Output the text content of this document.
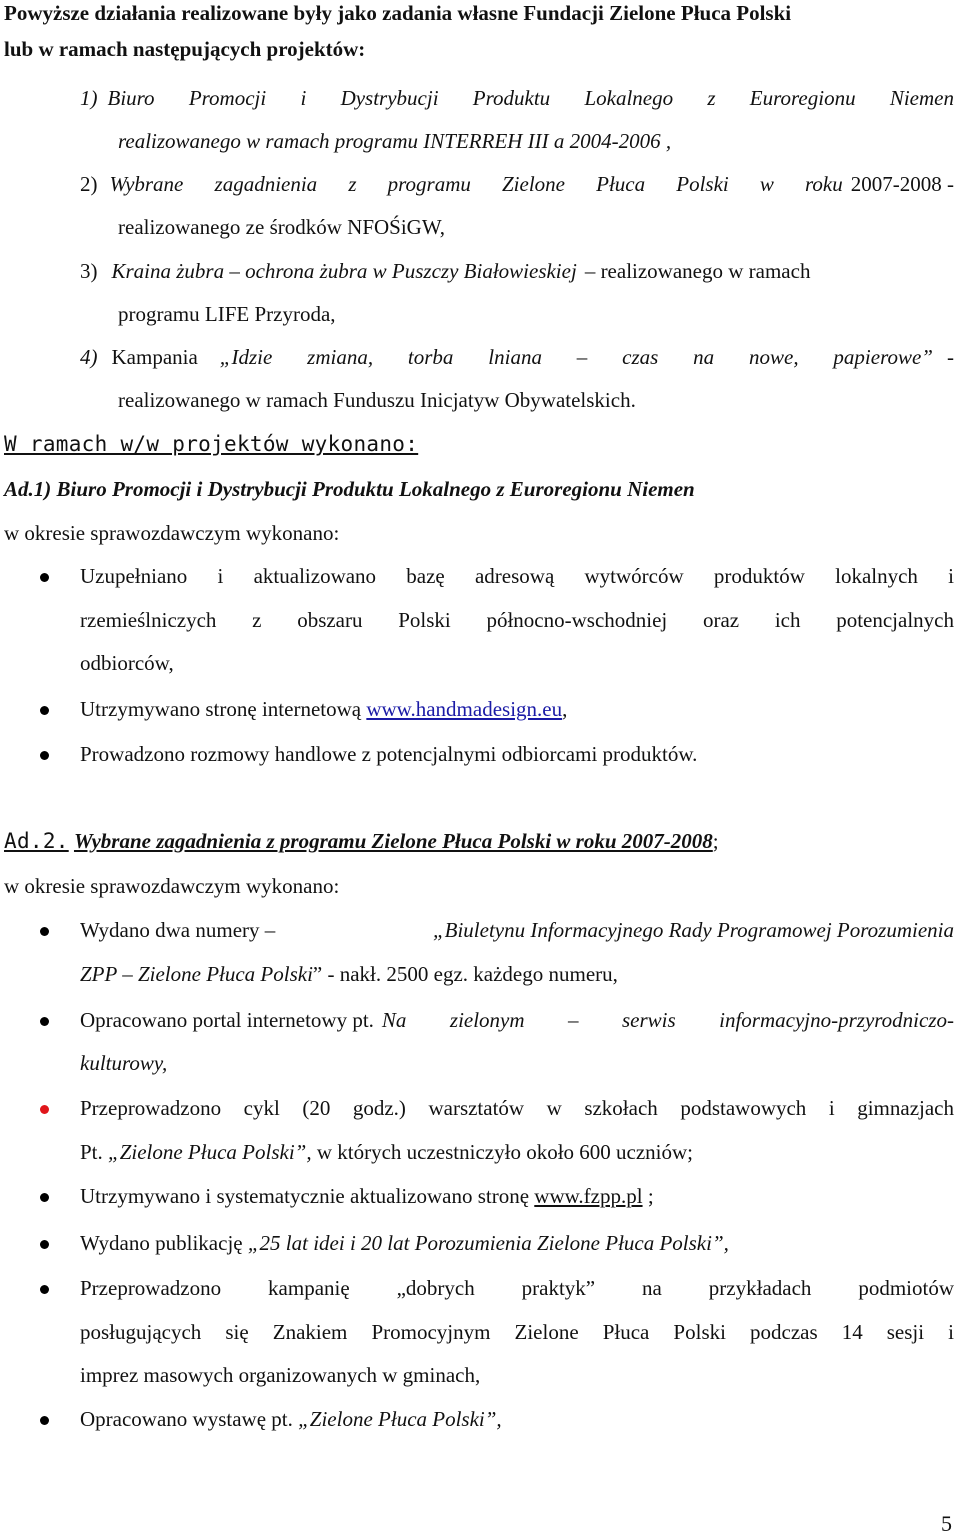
Powyższe działania realizowane były jako zadania własne Fundacji Zielone Płuca Polski
lub w ramach następujących projektów:
1) Biuro Promocji i Dystrybucji Produktu Lokalnego z Euroregionu Niemen
realizowanego w ramach programu INTERREH III a 2004-2006 ,
2) Wybrane zagadnienia z programu Zielone Płuca Polski w roku 2007-2008 -
realizowanego ze środków NFOŚiGW,
3) Kraina żubra – ochrona żubra w Puszczy Białowieskiej – realizowanego w ramach
programu LIFE Przyroda,
4) Kampania „Idzie zmiana, torba lniana – czas na nowe, papierowe” -
realizowanego w ramach Funduszu Inicjatyw Obywatelskich.
W ramach w/w projektów wykonano:
Ad.1) Biuro Promocji i Dystrybucji Produktu Lokalnego z Euroregionu Niemen
w okresie sprawozdawczym wykonano:
Uzupełniano i aktualizowano bazę adresową wytwórców produktów lokalnych i
rzemieślniczych z obszaru Polski północno-wschodniej oraz ich potencjalnych
odbiorców,
Utrzymywano stronę internetową www.handmadesign.eu,
Prowadzono rozmowy handlowe z potencjalnymi odbiorcami produktów.
Ad.2. Wybrane zagadnienia z programu Zielone Płuca Polski w roku 2007-2008;
w okresie sprawozdawczym wykonano:
Wydano dwa numery –	„Biuletynu Informacyjnego Rady Programowej Porozumienia
ZPP – Zielone Płuca Polski” - nakł. 2500 egz. każdego numeru,
Opracowano portal internetowy pt. Na zielonym – serwis informacyjno-przyrodniczo-
kulturowy,
Przeprowadzono cykl (20 godz.) warsztatów w szkołach podstawowych i gimnazjach
Pt. „Zielone Płuca Polski”, w których uczestniczyło około 600 uczniów;
Utrzymywano i systematycznie aktualizowano stronę www.fzpp.pl ;
Wydano publikację „25 lat idei i 20 lat Porozumienia Zielone Płuca Polski”,
Przeprowadzono kampanię „dobrych praktyk” na przykładach podmiotów
posługujących się Znakiem Promocyjnym Zielone Płuca Polski podczas 14 sesji i
imprez masowych organizowanych w gminach,
Opracowano wystawę pt. „Zielone Płuca Polski”,
5
